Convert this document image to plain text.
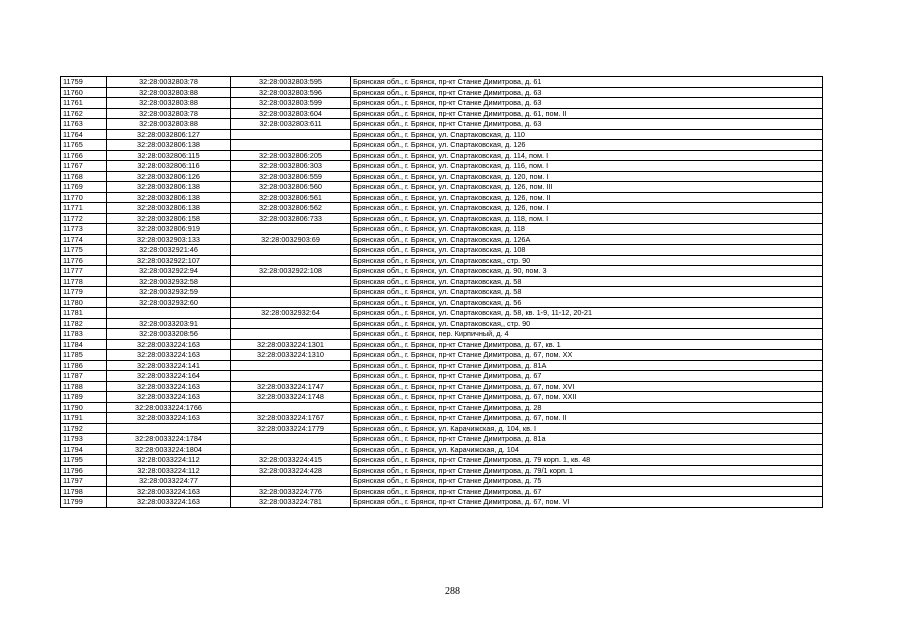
11759	32:28:0032803:78	32:28:0032803:595	Брянская обл., г. Брянск, пр-кт Станке Димитрова, д. 61
11760	32:28:0032803:88	32:28:0032803:596	Брянская обл., г. Брянск, пр-кт Станке Димитрова, д. 63
11761	32:28:0032803:88	32:28:0032803:599	Брянская обл., г. Брянск, пр-кт Станке Димитрова, д. 63
11762	32:28:0032803:78	32:28:0032803:604	Брянская обл., г. Брянск, пр-кт Станке Димитрова, д. 61, пом. II
11763	32:28:0032803:88	32:28:0032803:611	Брянская обл., г. Брянск, пр-кт Станке Димитрова, д. 63
11764	32:28:0032806:127		Брянская обл., г. Брянск, ул. Спартаковская, д. 110
11765	32:28:0032806:138		Брянская обл., г. Брянск, ул. Спартаковская, д. 126
11766	32:28:0032806:115	32:28:0032806:205	Брянская обл., г. Брянск, ул. Спартаковская, д. 114, пом. I
11767	32:28:0032806:116	32:28:0032806:303	Брянская обл., г. Брянск, ул. Спартаковская, д. 116, пом. I
11768	32:28:0032806:126	32:28:0032806:559	Брянская обл., г. Брянск, ул. Спартаковская, д. 120, пом. I
11769	32:28:0032806:138	32:28:0032806:560	Брянская обл., г. Брянск, ул. Спартаковская, д. 126, пом. III
11770	32:28:0032806:138	32:28:0032806:561	Брянская обл., г. Брянск, ул. Спартаковская, д. 126, пом. II
11771	32:28:0032806:138	32:28:0032806:562	Брянская обл., г. Брянск, ул. Спартаковская, д. 126, пом. I
11772	32:28:0032806:158	32:28:0032806:733	Брянская обл., г. Брянск, ул. Спартаковская, д. 118, пом. I
11773	32:28:0032806:919		Брянская обл., г. Брянск, ул. Спартаковская, д. 118
11774	32:28:0032903:133	32:28:0032903:69	Брянская обл., г. Брянск, ул. Спартаковская, д. 126А
11775	32:28:0032921:46		Брянская обл., г. Брянск, ул. Спартаковская, д. 108
11776	32:28:0032922:107		Брянская обл., г. Брянск, ул. Спартаковская,, стр. 90
11777	32:28:0032922:94	32:28:0032922:108	Брянская обл., г. Брянск, ул. Спартаковская, д. 90, пом. 3
11778	32:28:0032932:58		Брянская обл., г. Брянск, ул. Спартаковская, д. 58
11779	32:28:0032932:59		Брянская обл., г. Брянск, ул. Спартаковская, д. 58
11780	32:28:0032932:60		Брянская обл., г. Брянск, ул. Спартаковская, д. 56
11781		32:28:0032932:64	Брянская обл., г. Брянск, ул. Спартаковская, д. 58, кв. 1-9, 11-12, 20-21
11782	32:28:0033203:91		Брянская обл., г. Брянск, ул. Спартаковская,, стр. 90
11783	32:28:0033208:56		Брянская обл., г. Брянск, пер. Кирпичный, д. 4
11784	32:28:0033224:163	32:28:0033224:1301	Брянская обл., г. Брянск, пр-кт Станке Димитрова, д. 67, кв. 1
11785	32:28:0033224:163	32:28:0033224:1310	Брянская обл., г. Брянск, пр-кт Станке Димитрова, д. 67, пом. XX
11786	32:28:0033224:141		Брянская обл., г. Брянск, пр-кт Станке Димитрова, д. 81А
11787	32:28:0033224:164		Брянская обл., г. Брянск, пр-кт Станке Димитрова, д. 67
11788	32:28:0033224:163	32:28:0033224:1747	Брянская обл., г. Брянск, пр-кт Станке Димитрова, д. 67, пом. XVI
11789	32:28:0033224:163	32:28:0033224:1748	Брянская обл., г. Брянск, пр-кт Станке Димитрова, д. 67, пом. XXII
11790	32:28:0033224:1766		Брянская обл., г. Брянск, пр-кт Станке Димитрова, д. 28
11791	32:28:0033224:163	32:28:0033224:1767	Брянская обл., г. Брянск, пр-кт Станке Димитрова, д. 67, пом. II
11792		32:28:0033224:1779	Брянская обл., г. Брянск, ул. Карачижская, д. 104, кв. I
11793	32:28:0033224:1784		Брянская обл., г. Брянск, пр-кт Станке Димитрова, д. 81а
11794	32:28:0033224:1804		Брянская обл., г. Брянск, ул. Карачижская, д. 104
11795	32:28:0033224:112	32:28:0033224:415	Брянская обл., г. Брянск, пр-кт Станке Димитрова, д. 79 корп. 1, кв. 48
11796	32:28:0033224:112	32:28:0033224:428	Брянская обл., г. Брянск, пр-кт Станке Димитрова, д. 79/1 корп. 1
11797	32:28:0033224:77		Брянская обл., г. Брянск, пр-кт Станке Димитрова, д. 75
11798	32:28:0033224:163	32:28:0033224:776	Брянская обл., г. Брянск, пр-кт Станке Димитрова, д. 67
11799	32:28:0033224:163	32:28:0033224:781	Брянская обл., г. Брянск, пр-кт Станке Димитрова, д. 67, пом. VI
288
